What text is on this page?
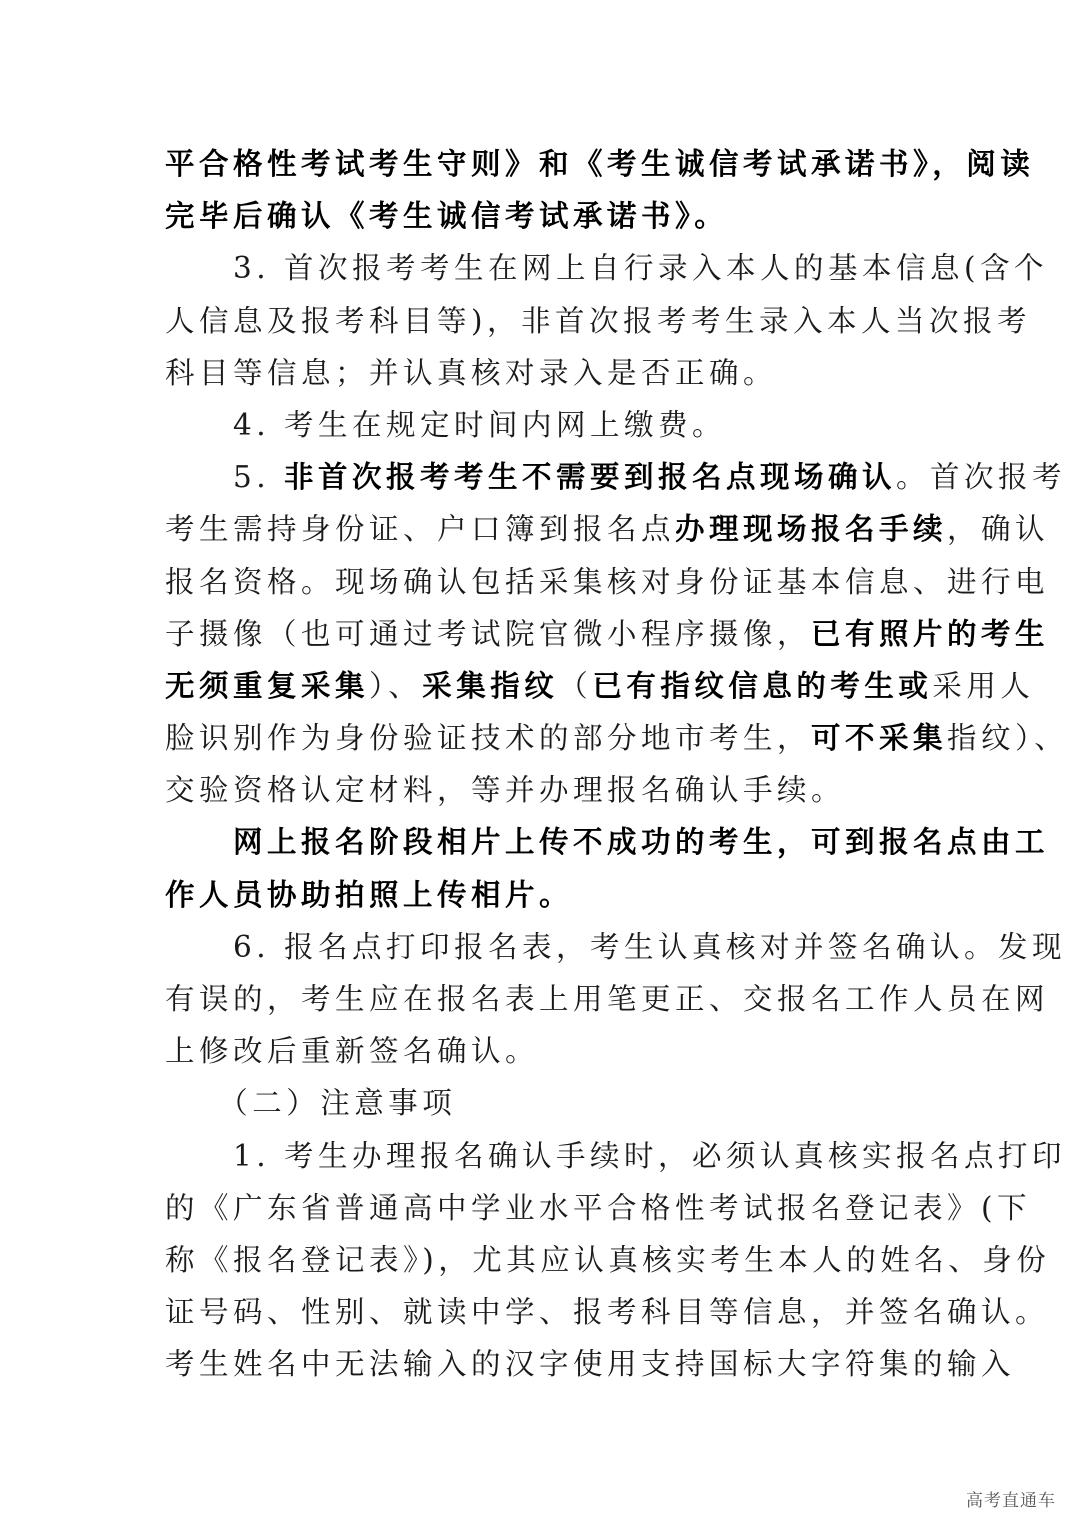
平合格性考试考生守则》和《考生诚信考试承诺书》，阅读
完毕后确认《考生诚信考试承诺书》。
　　3. 首次报考考生在网上自行录入本人的基本信息(含个
人信息及报考科目等)，非首次报考考生录入本人当次报考
科目等信息；并认真核对录入是否正确。
　　4. 考生在规定时间内网上缴费。
　　5. 非首次报考考生不需要到报名点现场确认。首次报考
考生需持身份证、户口簿到报名点办理现场报名手续，确认
报名资格。现场确认包括采集核对身份证基本信息、进行电
子摄像（也可通过考试院官微小程序摄像，已有照片的考生
无须重复采集）、采集指纹（已有指纹信息的考生或采用人
脸识别作为身份验证技术的部分地市考生，可不采集指纹）、
交验资格认定材料，等并办理报名确认手续。
　　网上报名阶段相片上传不成功的考生，可到报名点由工
作人员协助拍照上传相片。
　　6. 报名点打印报名表，考生认真核对并签名确认。发现
有误的，考生应在报名表上用笔更正、交报名工作人员在网
上修改后重新签名确认。
　　（二）注意事项
　　1. 考生办理报名确认手续时，必须认真核实报名点打印
的《广东省普通高中学业水平合格性考试报名登记表》(下
称《报名登记表》)，尤其应认真核实考生本人的姓名、身份
证号码、性别、就读中学、报考科目等信息，并签名确认。
考生姓名中无法输入的汉字使用支持国标大字符集的输入
高考直通车
